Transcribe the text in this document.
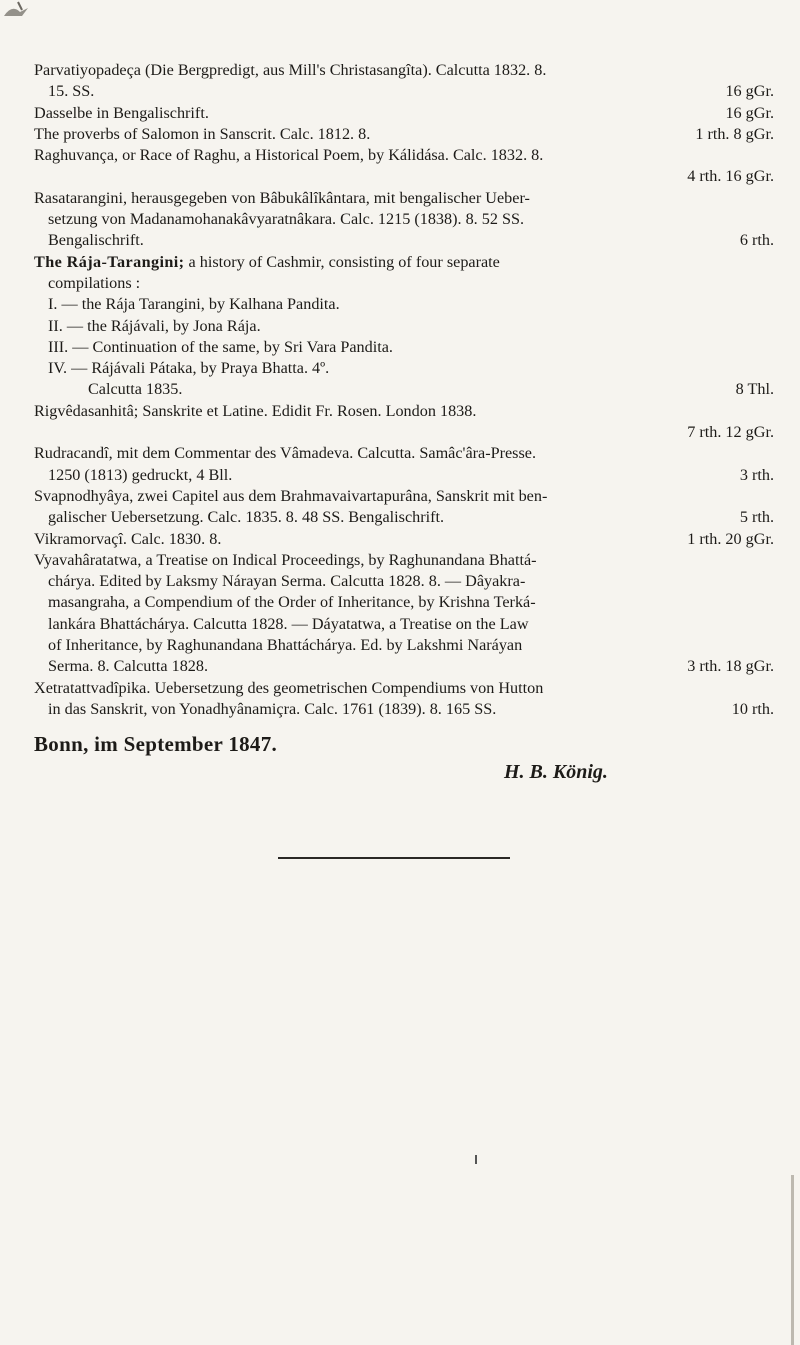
Parvatiyopadeça (Die Bergpredigt, aus Mill's Christasangîta). Calcutta 1832. 8.
15. SS.	16 gGr.
Dasselbe in Bengalischrift.	16 gGr.
The proverbs of Salomon in Sanscrit. Calc. 1812. 8.	1 rth. 8 gGr.
Raghuvança, or Race of Raghu, a Historical Poem, by Kálidása. Calc. 1832. 8.
4 rth. 16 gGr.
Rasatarangini, herausgegeben von Bâbukâlîkântara, mit bengalischer Ueber-
setzung von Madanamohanakâvyaratnâkara. Calc. 1215 (1838). 8. 52 SS.
Bengalischrift.	6 rth.
The Rája-Tarangini; a history of Cashmir, consisting of four separate
compilations :
I. — the Rája Tarangini, by Kalhana Pandita.
II. — the Rájávali, by Jona Rája.
III. — Continuation of the same, by Sri Vara Pandita.
IV. — Rájávali Pátaka, by Praya Bhatta. 4º.
Calcutta 1835.	8 Thl.
Rigvêdasanhitâ; Sanskrite et Latine. Edidit Fr. Rosen. London 1838.
7 rth. 12 gGr.
Rudracandî, mit dem Commentar des Vâmadeva. Calcutta. Samâc'âra-Presse.
1250 (1813) gedruckt, 4 Bll.	3 rth.
Svapnodhyâya, zwei Capitel aus dem Brahmavaivartapurâna, Sanskrit mit ben-
galischer Uebersetzung. Calc. 1835. 8. 48 SS. Bengalischrift.	5 rth.
Vikramorvaçî. Calc. 1830. 8.	1 rth. 20 gGr.
Vyavahâratatwa, a Treatise on Indical Proceedings, by Raghunandana Bhattá-
chárya. Edited by Laksmy Nárayan Serma. Calcutta 1828. 8. — Dâyakra-
masangraha, a Compendium of the Order of Inheritance, by Krishna Terká-
lankára Bhattáchárya. Calcutta 1828. — Dáyatatwa, a Treatise on the Law
of Inheritance, by Raghunandana Bhattáchárya. Ed. by Lakshmi Naráyan
Serma. 8. Calcutta 1828.	3 rth. 18 gGr.
Xetratattvadîpika. Uebersetzung des geometrischen Compendiums von Hutton
in das Sanskrit, von Yonadhyânamiçra. Calc. 1761 (1839). 8. 165 SS.	10 rth.
Bonn, im September 1847.
H. B. König.
